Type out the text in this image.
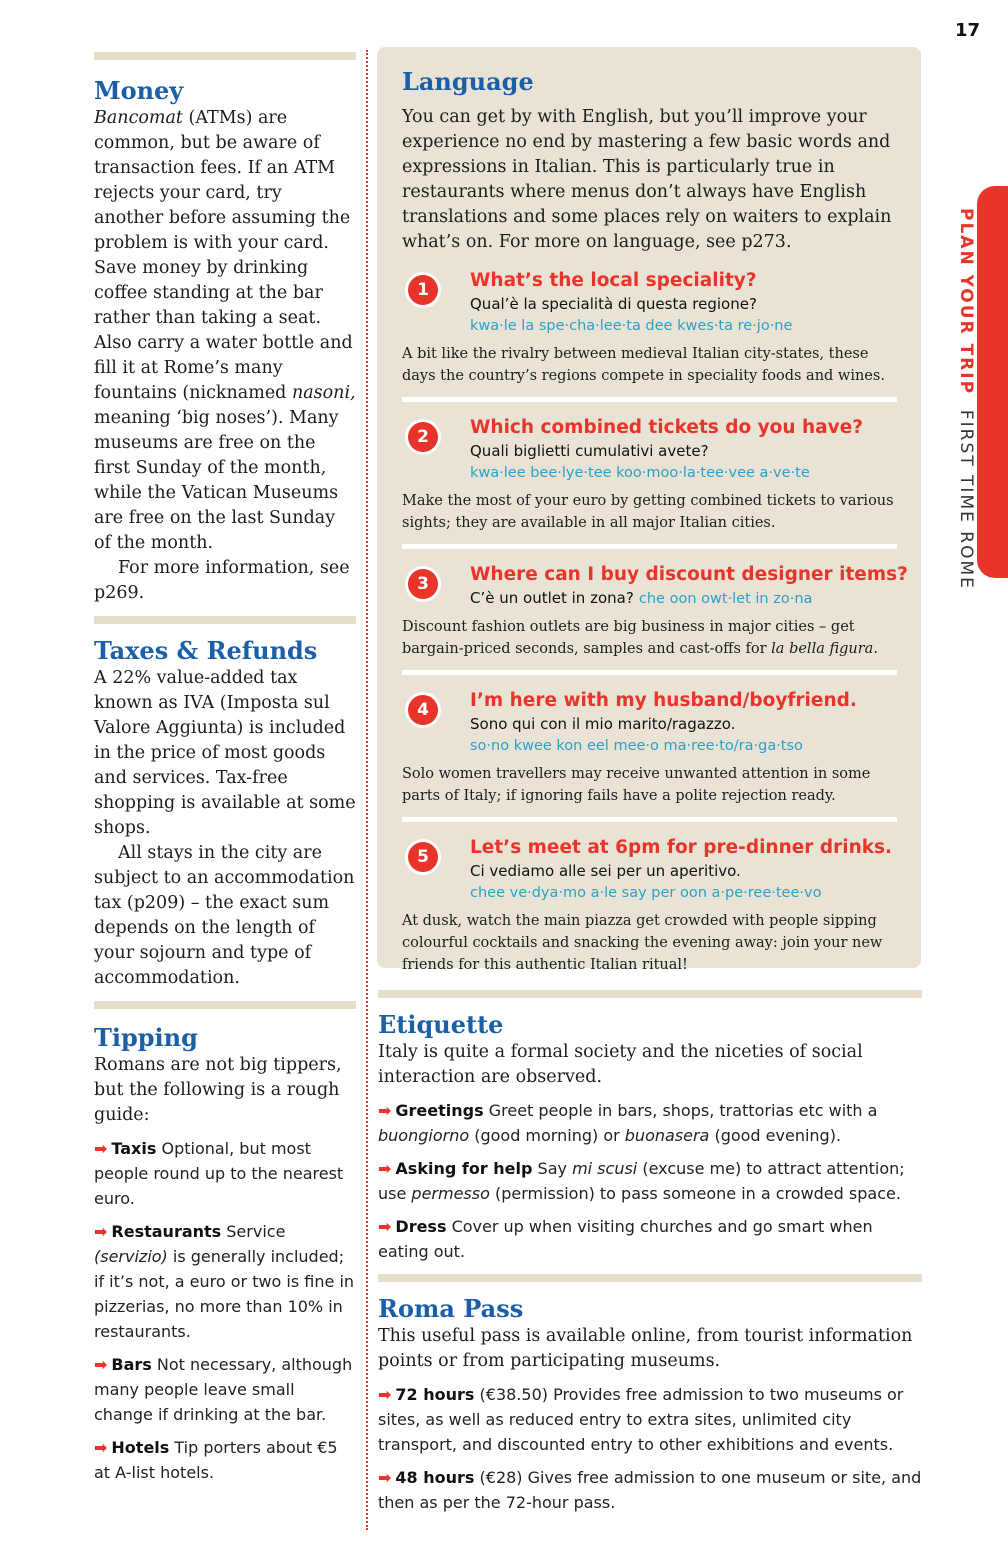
17
PLAN YOUR TRIP  FIRST TIME ROME
Money

Bancomat (ATMs) are common, but be aware of transaction fees. If an ATM rejects your card, try another before assuming the problem is with your card. Save money by drinking coffee standing at the bar rather than taking a seat. Also carry a water bottle and fill it at Rome’s many fountains (nicknamed nasoni, meaning ‘big noses’). Many museums are free on the first Sunday of the month, while the Vatican Museums are free on the last Sunday of the month.

For more information, see p269.

Taxes & Refunds

A 22% value-added tax known as IVA (Imposta sul Valore Aggiunta) is included in the price of most goods and services. Tax-free shopping is available at some shops.

All stays in the city are subject to an accommodation tax (p209) – the exact sum depends on the length of your sojourn and type of accommodation.

Tipping

Romans are not big tippers, but the following is a rough guide:

➡ Taxis Optional, but most people round up to the nearest euro.

➡ Restaurants Service (servizio) is generally included; if it’s not, a euro or two is fine in pizzerias, no more than 10% in restaurants.

➡ Bars Not necessary, although many people leave small change if drinking at the bar.

➡ Hotels Tip porters about €5 at A-list hotels.

Language

You can get by with English, but you’ll improve your experience no end by mastering a few basic words and expressions in Italian. This is particularly true in restaurants where menus don’t always have English translations and some places rely on waiters to explain what’s on. For more on language, see p273.

1	What’s the local speciality?
Qual’è la specialità di questa regione?
kwa·le la spe·cha·lee·ta dee kwes·ta re·jo·ne
A bit like the rivalry between medieval Italian city-states, these days the country’s regions compete in speciality foods and wines.
2	Which combined tickets do you have?
Quali biglietti cumulativi avete?
kwa·lee bee·lye·tee koo·moo·la·tee·vee a·ve·te
Make the most of your euro by getting combined tickets to various sights; they are available in all major Italian cities.
3	Where can I buy discount designer items?
C’è un outlet in zona? che oon owt·let in zo·na
Discount fashion outlets are big business in major cities – get bargain-priced seconds, samples and cast-offs for la bella figura.
4	I’m here with my husband/boyfriend.
Sono qui con il mio marito/ragazzo.
so·no kwee kon eel mee·o ma·ree·to/ra·ga·tso
Solo women travellers may receive unwanted attention in some parts of Italy; if ignoring fails have a polite rejection ready.
5	Let’s meet at 6pm for pre-dinner drinks.
Ci vediamo alle sei per un aperitivo.
chee ve·dya·mo a·le say per oon a·pe·ree·tee·vo
At dusk, watch the main piazza get crowded with people sipping colourful cocktails and snacking the evening away: join your new friends for this authentic Italian ritual!
Etiquette

Italy is quite a formal society and the niceties of social interaction are observed.

➡ Greetings Greet people in bars, shops, trattorias etc with a buongiorno (good morning) or buonasera (good evening).

➡ Asking for help Say mi scusi (excuse me) to attract attention; use permesso (permission) to pass someone in a crowded space.

➡ Dress Cover up when visiting churches and go smart when eating out.

Roma Pass

This useful pass is available online, from tourist information points or from participating museums.

➡ 72 hours (€38.50) Provides free admission to two museums or sites, as well as reduced entry to extra sites, unlimited city transport, and discounted entry to other exhibitions and events.

➡ 48 hours (€28) Gives free admission to one museum or site, and then as per the 72-hour pass.
